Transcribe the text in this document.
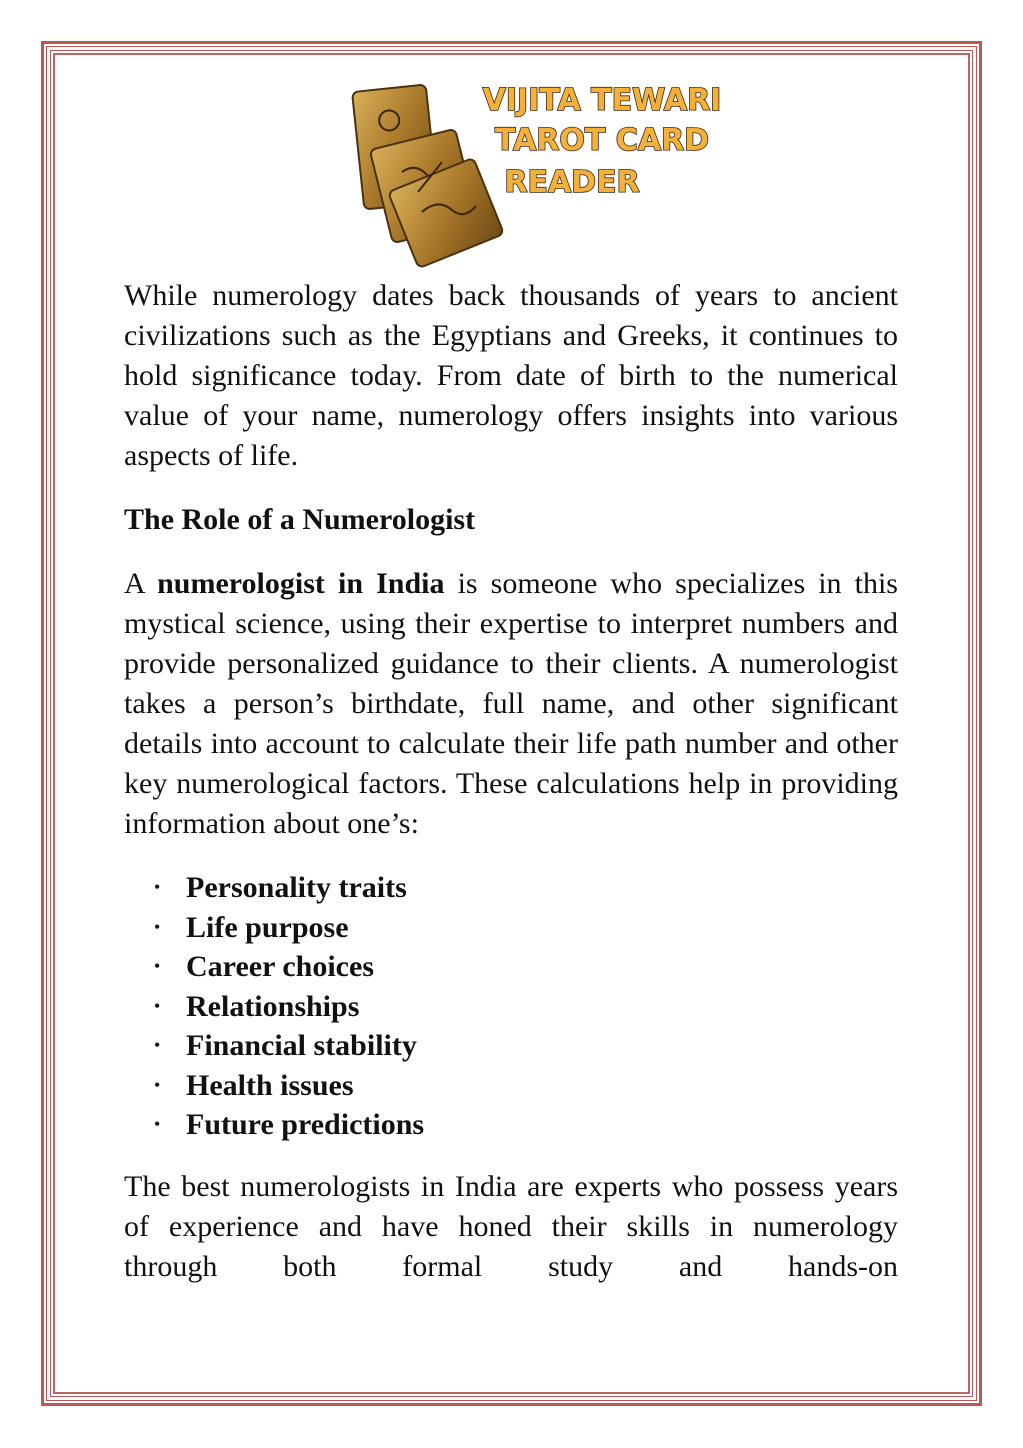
VIJITA TEWARI
TAROT CARD
READER

While numerology dates back thousands of years to ancient civilizations such as the Egyptians and Greeks, it continues to hold significance today. From date of birth to the numerical value of your name, numerology offers insights into various aspects of life.

The Role of a Numerologist

A numerologist in India is someone who specializes in this mystical science, using their expertise to interpret numbers and provide personalized guidance to their clients. A numerologist takes a person’s birthdate, full name, and other significant details into account to calculate their life path number and other key numerological factors. These calculations help in providing information about one’s:

• Personality traits
• Life purpose
• Career choices
• Relationships
• Financial stability
• Health issues
• Future predictions

The best numerologists in India are experts who possess years of experience and have honed their skills in numerology through both formal study and hands-on
